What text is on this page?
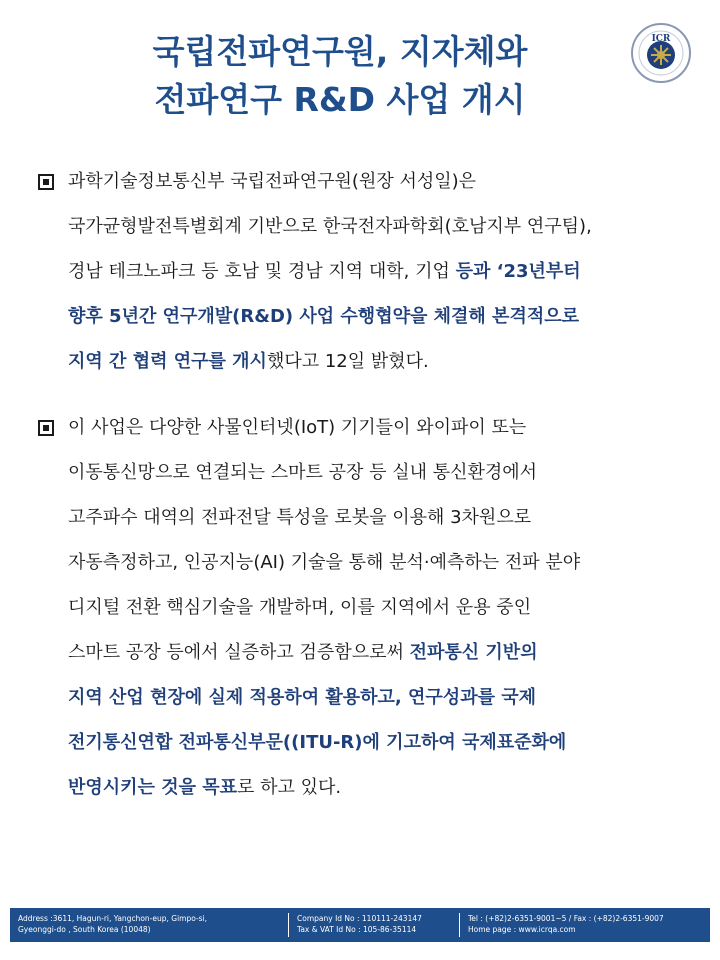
국립전파연구원, 지자체와
전파연구 R&D 사업 개시
ICR
과학기술정보통신부 국립전파연구원(원장 서성일)은
국가균형발전특별회계 기반으로 한국전자파학회(호남지부 연구팀),
경남 테크노파크 등 호남 및 경남 지역 대학, 기업 등과 ‘23년부터
향후 5년간 연구개발(R&D) 사업 수행협약을 체결해 본격적으로
지역 간 협력 연구를 개시했다고 12일 밝혔다.
이 사업은 다양한 사물인터넷(IoT) 기기들이 와이파이 또는
이동통신망으로 연결되는 스마트 공장 등 실내 통신환경에서
고주파수 대역의 전파전달 특성을 로봇을 이용해 3차원으로
자동측정하고, 인공지능(AI) 기술을 통해 분석·예측하는 전파 분야
디지털 전환 핵심기술을 개발하며, 이를 지역에서 운용 중인
스마트 공장 등에서 실증하고 검증함으로써 전파통신 기반의
지역 산업 현장에 실제 적용하여 활용하고, 연구성과를 국제
전기통신연합 전파통신부문((ITU-R)에 기고하여 국제표준화에
반영시키는 것을 목표로 하고 있다.
Address :3611, Hagun-ri, Yangchon-eup, Gimpo-si,
Gyeonggi-do , South Korea (10048)
Company Id No : 110111-243147
Tax & VAT Id No : 105-86-35114
Tel : (+82)2-6351-9001~5 / Fax : (+82)2-6351-9007
Home page : www.icrqa.com
